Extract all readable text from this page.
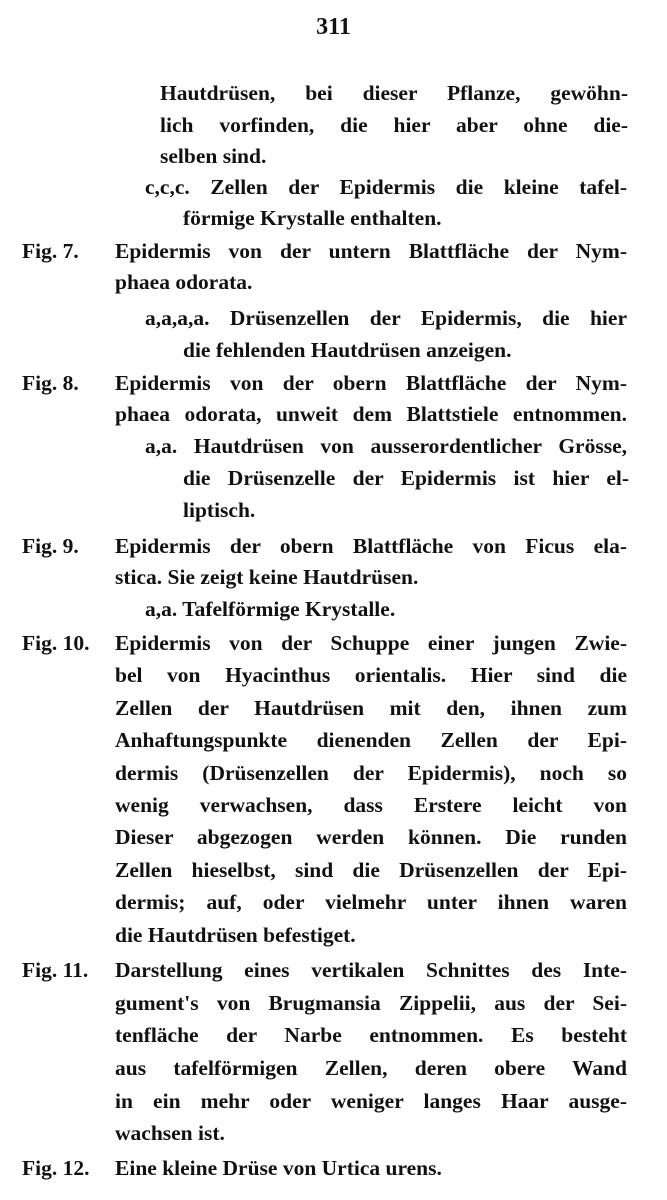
311
Hautdrüsen, bei dieser Pflanze, gewöhn-
lich vorfinden, die hier aber ohne die-
selben sind.
c,c,c. Zellen der Epidermis die kleine tafel-
förmige Krystalle enthalten.
Fig. 7. Epidermis von der untern Blattfläche der Nym-
phaea odorata.
a,a,a,a. Drüsenzellen der Epidermis, die hier
die fehlenden Hautdrüsen anzeigen.
Fig. 8. Epidermis von der obern Blattfläche der Nym-
phaea odorata, unweit dem Blattstiele entnommen.
a,a. Hautdrüsen von ausserordentlicher Grösse,
die Drüsenzelle der Epidermis ist hier el-
liptisch.
Fig. 9. Epidermis der obern Blattfläche von Ficus ela-
stica. Sie zeigt keine Hautdrüsen.
a,a. Tafelförmige Krystalle.
Fig. 10. Epidermis von der Schuppe einer jungen Zwie-
bel von Hyacinthus orientalis. Hier sind die
Zellen der Hautdrüsen mit den, ihnen zum
Anhaftungspunkte dienenden Zellen der Epi-
dermis (Drüsenzellen der Epidermis), noch so
wenig verwachsen, dass Erstere leicht von
Dieser abgezogen werden können. Die runden
Zellen hieselbst, sind die Drüsenzellen der Epi-
dermis; auf, oder vielmehr unter ihnen waren
die Hautdrüsen befestiget.
Fig. 11. Darstellung eines vertikalen Schnittes des Inte-
gument's von Brugmansia Zippelii, aus der Sei-
tenfläche der Narbe entnommen. Es besteht
aus tafelförmigen Zellen, deren obere Wand
in ein mehr oder weniger langes Haar ausge-
wachsen ist.
Fig. 12. Eine kleine Drüse von Urtica urens.
